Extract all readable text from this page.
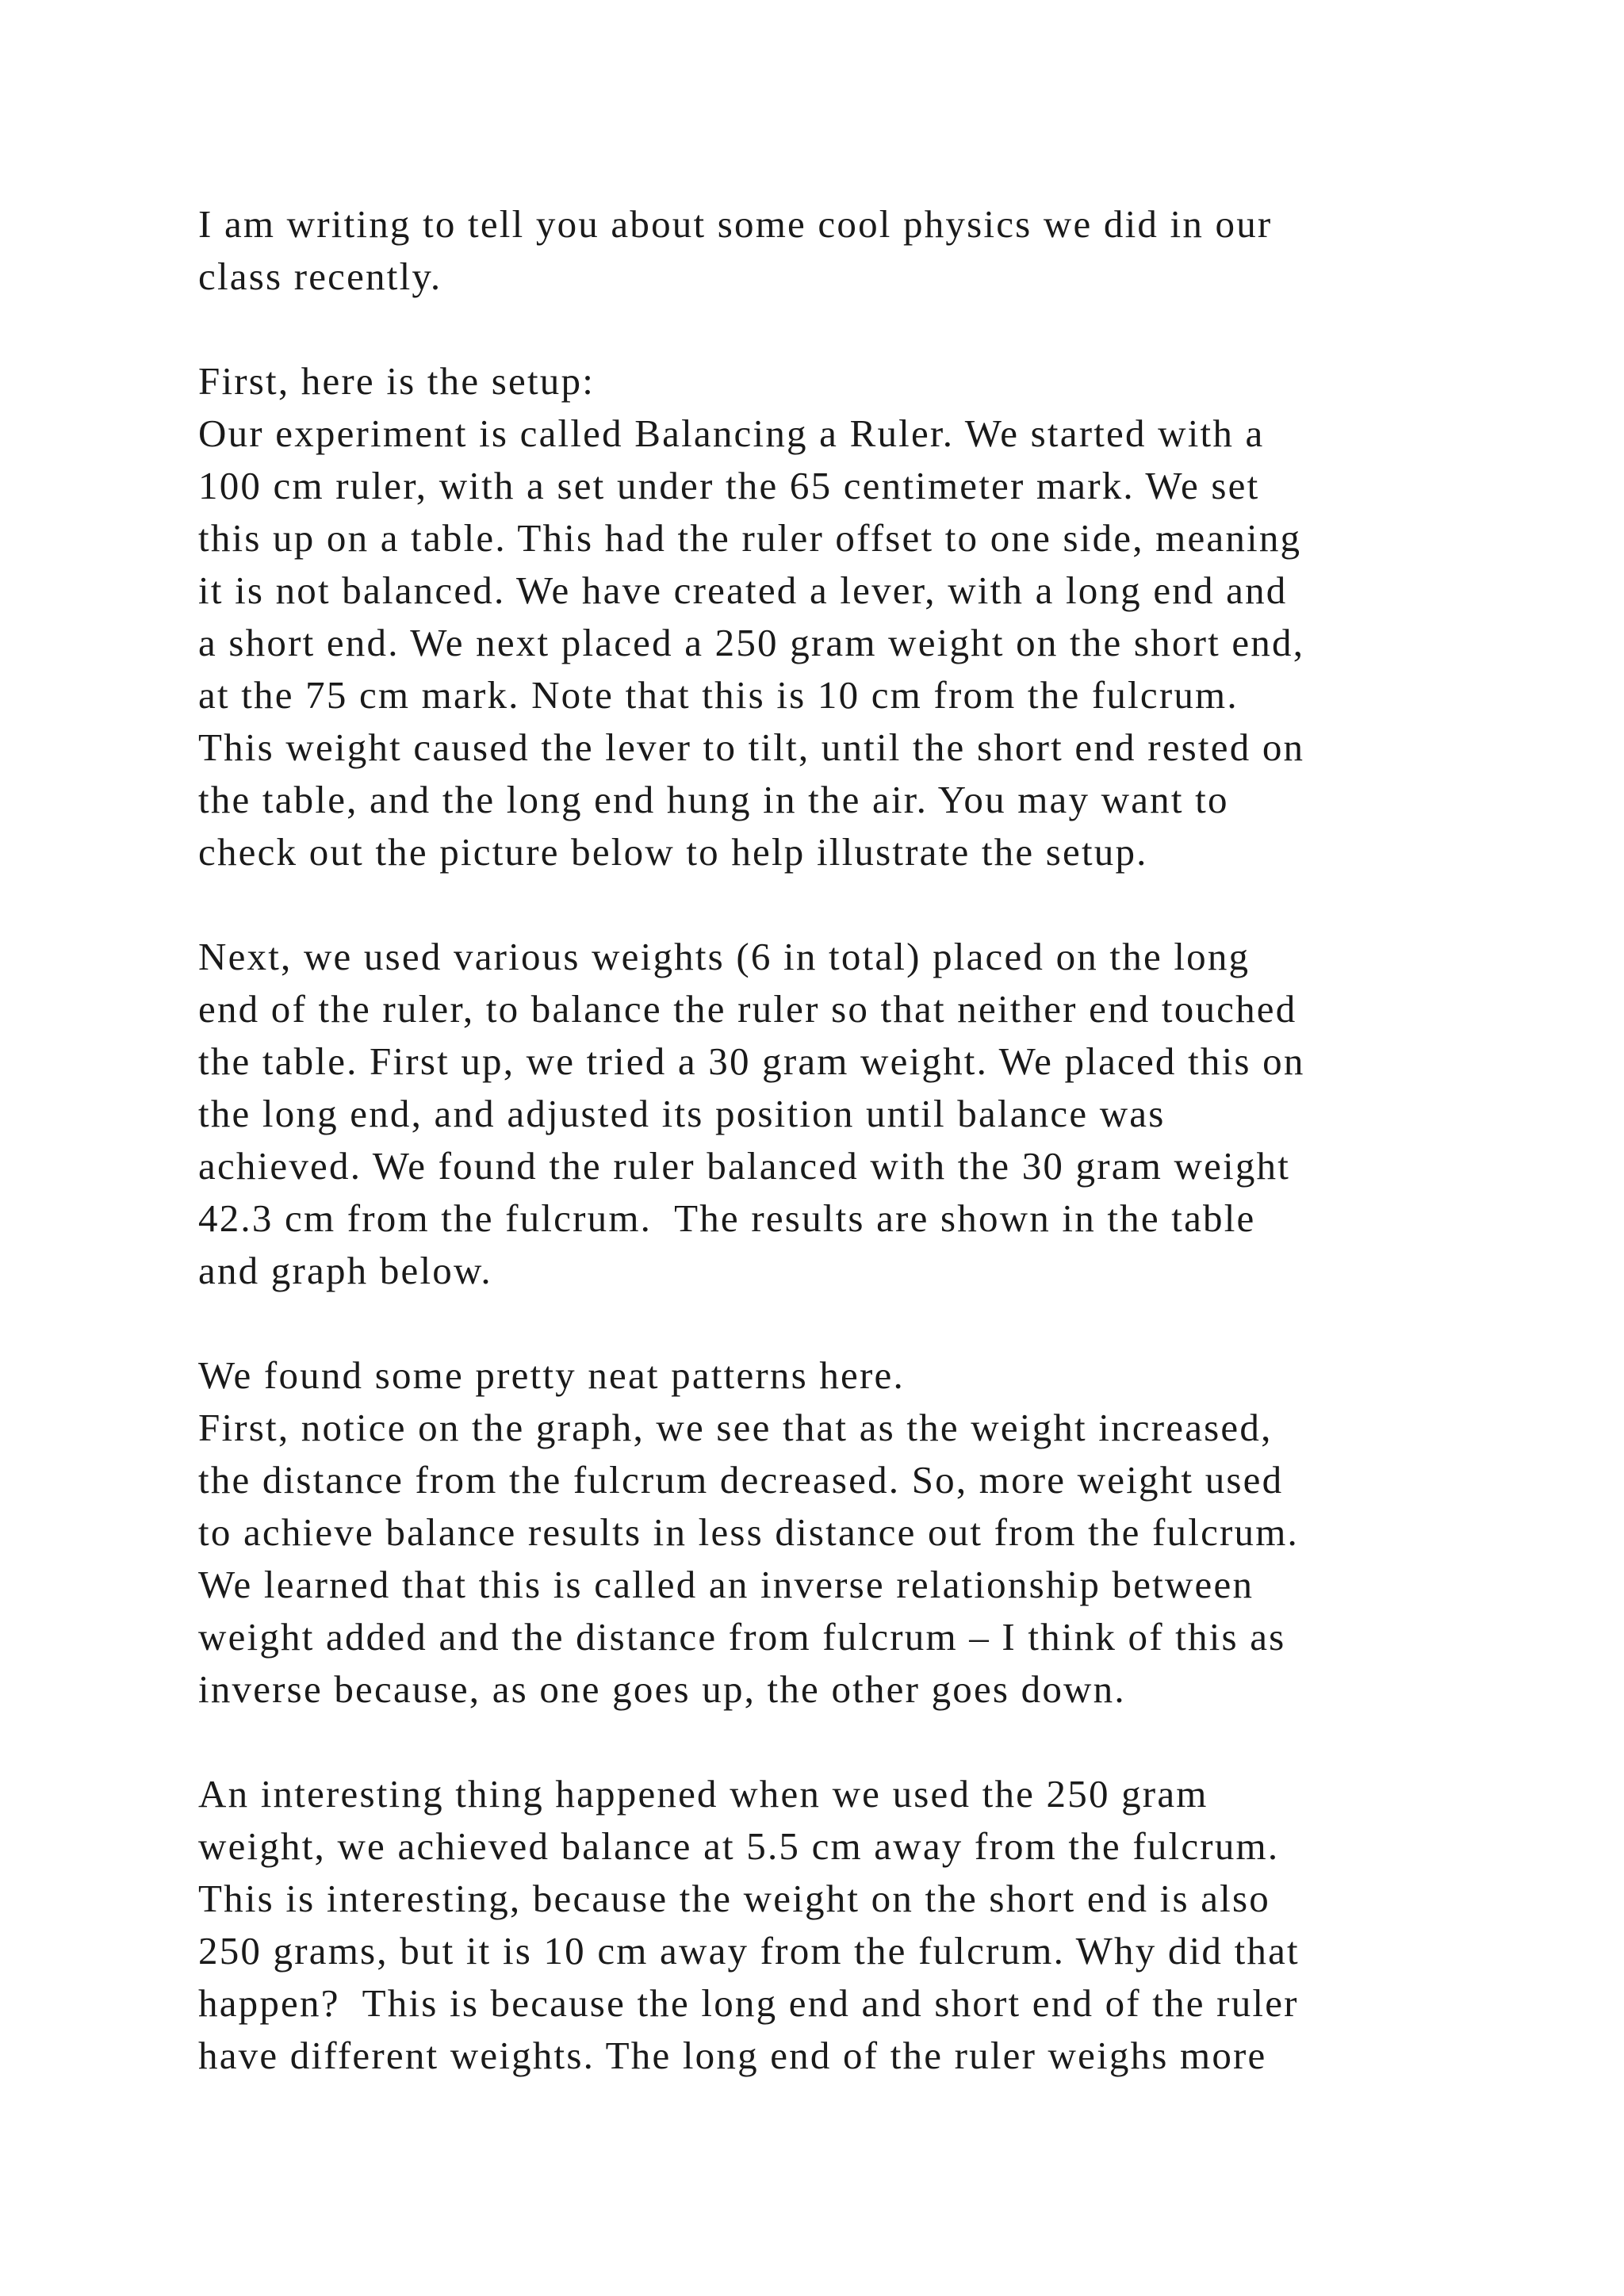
I am writing to tell you about some cool physics we did in our
class recently.

First, here is the setup:
Our experiment is called Balancing a Ruler. We started with a
100 cm ruler, with a set under the 65 centimeter mark. We set
this up on a table. This had the ruler offset to one side, meaning
it is not balanced. We have created a lever, with a long end and
a short end. We next placed a 250 gram weight on the short end,
at the 75 cm mark. Note that this is 10 cm from the fulcrum.
This weight caused the lever to tilt, until the short end rested on
the table, and the long end hung in the air. You may want to
check out the picture below to help illustrate the setup.

Next, we used various weights (6 in total) placed on the long
end of the ruler, to balance the ruler so that neither end touched
the table. First up, we tried a 30 gram weight. We placed this on
the long end, and adjusted its position until balance was
achieved. We found the ruler balanced with the 30 gram weight
42.3 cm from the fulcrum.  The results are shown in the table
and graph below.

We found some pretty neat patterns here.
First, notice on the graph, we see that as the weight increased,
the distance from the fulcrum decreased. So, more weight used
to achieve balance results in less distance out from the fulcrum.
We learned that this is called an inverse relationship between
weight added and the distance from fulcrum – I think of this as
inverse because, as one goes up, the other goes down.

An interesting thing happened when we used the 250 gram
weight, we achieved balance at 5.5 cm away from the fulcrum.
This is interesting, because the weight on the short end is also
250 grams, but it is 10 cm away from the fulcrum. Why did that
happen?  This is because the long end and short end of the ruler
have different weights. The long end of the ruler weighs more
